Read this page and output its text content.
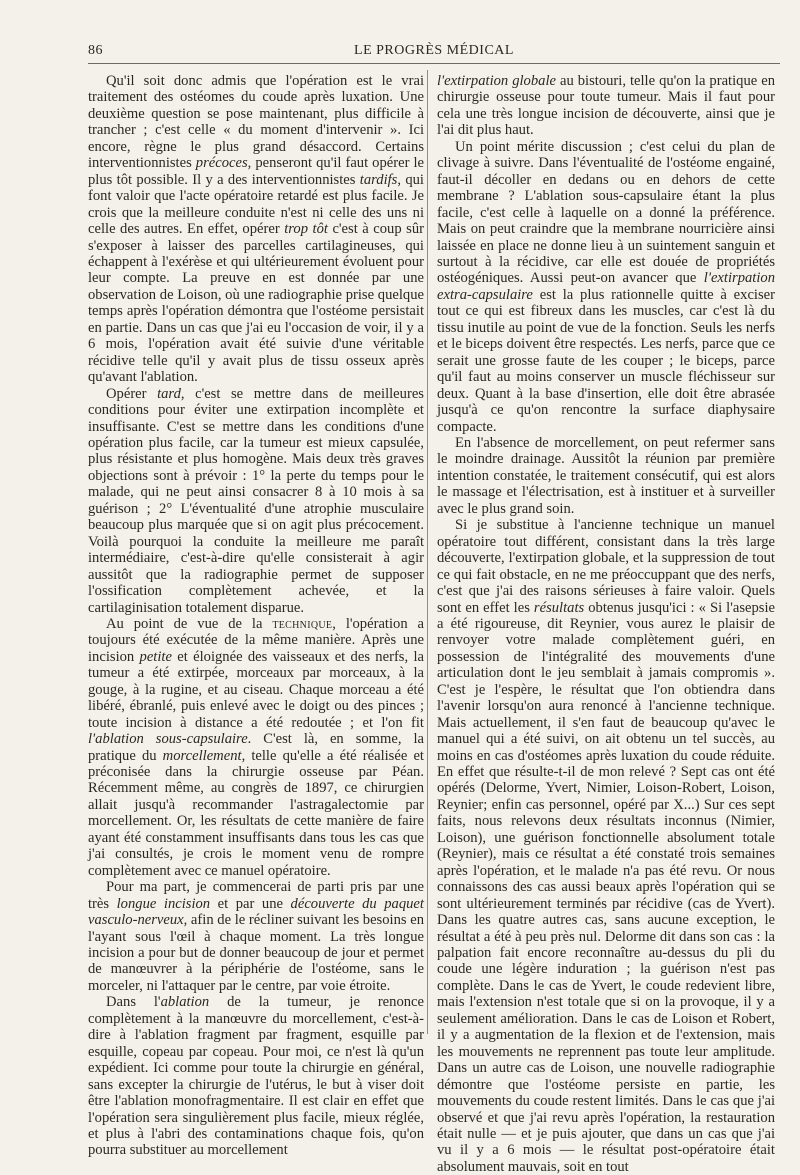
86	LE PROGRÈS MÉDICAL

Qu'il soit donc admis que l'opération est le vrai traitement des ostéomes du coude après luxation. Une deuxième question se pose maintenant, plus difficile à trancher ; c'est celle « du moment d'intervenir ». Ici encore, règne le plus grand désaccord. Certains interventionnistes précoces, penseront qu'il faut opérer le plus tôt possible. Il y a des interventionnistes tardifs, qui font valoir que l'acte opératoire retardé est plus facile. Je crois que la meilleure conduite n'est ni celle des uns ni celle des autres. En effet, opérer trop tôt c'est à coup sûr s'exposer à laisser des parcelles cartilagineuses, qui échappent à l'exérèse et qui ultérieurement évoluent pour leur compte. La preuve en est donnée par une observation de Loison, où une radiographie prise quelque temps après l'opération démontra que l'ostéome persistait en partie. Dans un cas que j'ai eu l'occasion de voir, il y a 6 mois, l'opération avait été suivie d'une véritable récidive telle qu'il y avait plus de tissu osseux après qu'avant l'ablation.

Opérer tard, c'est se mettre dans de meilleures conditions pour éviter une extirpation incomplète et insuffisante. C'est se mettre dans les conditions d'une opération plus facile, car la tumeur est mieux capsulée, plus résistante et plus homogène. Mais deux très graves objections sont à prévoir : 1° la perte du temps pour le malade, qui ne peut ainsi consacrer 8 à 10 mois à sa guérison ; 2° L'éventualité d'une atrophie musculaire beaucoup plus marquée que si on agit plus précocement. Voilà pourquoi la conduite la meilleure me paraît intermédiaire, c'est-à-dire qu'elle consisterait à agir aussitôt que la radiographie permet de supposer l'ossification complètement achevée, et la cartilaginisation totalement disparue.

Au point de vue de la technique, l'opération a toujours été exécutée de la même manière. Après une incision petite et éloignée des vaisseaux et des nerfs, la tumeur a été extirpée, morceaux par morceaux, à la gouge, à la rugine, et au ciseau. Chaque morceau a été libéré, ébranlé, puis enlevé avec le doigt ou des pinces ; toute incision à distance a été redoutée ; et l'on fit l'ablation sous-capsulaire. C'est là, en somme, la pratique du morcellement, telle qu'elle a été réalisée et préconisée dans la chirurgie osseuse par Péan. Récemment même, au congrès de 1897, ce chirurgien allait jusqu'à recommander l'astragalectomie par morcellement. Or, les résultats de cette manière de faire ayant été constamment insuffisants dans tous les cas que j'ai consultés, je crois le moment venu de rompre complètement avec ce manuel opératoire.

Pour ma part, je commencerai de parti pris par une très longue incision et par une découverte du paquet vasculo-nerveux, afin de le récliner suivant les besoins en l'ayant sous l'œil à chaque moment. La très longue incision a pour but de donner beaucoup de jour et permet de manœuvrer à la périphérie de l'ostéome, sans le morceler, ni l'attaquer par le centre, par voie étroite.

Dans l'ablation de la tumeur, je renonce complètement à la manœuvre du morcellement, c'est-à-dire à l'ablation fragment par fragment, esquille par esquille, copeau par copeau. Pour moi, ce n'est là qu'un expédient. Ici comme pour toute la chirurgie en général, sans excepter la chirurgie de l'utérus, le but à viser doit être l'ablation monofragmentaire. Il est clair en effet que l'opération sera singulièrement plus facile, mieux réglée, et plus à l'abri des contaminations chaque fois, qu'on pourra substituer au morcellement

l'extirpation globale au bistouri, telle qu'on la pratique en chirurgie osseuse pour toute tumeur. Mais il faut pour cela une très longue incision de découverte, ainsi que je l'ai dit plus haut.

Un point mérite discussion ; c'est celui du plan de clivage à suivre. Dans l'éventualité de l'ostéome engainé, faut-il décoller en dedans ou en dehors de cette membrane ? L'ablation sous-capsulaire étant la plus facile, c'est celle à laquelle on a donné la préférence. Mais on peut craindre que la membrane nourricière ainsi laissée en place ne donne lieu à un suintement sanguin et surtout à la récidive, car elle est douée de propriétés ostéogéniques. Aussi peut-on avancer que l'extirpation extra-capsulaire est la plus rationnelle quitte à exciser tout ce qui est fibreux dans les muscles, car c'est là du tissu inutile au point de vue de la fonction. Seuls les nerfs et le biceps doivent être respectés. Les nerfs, parce que ce serait une grosse faute de les couper ; le biceps, parce qu'il faut au moins conserver un muscle fléchisseur sur deux. Quant à la base d'insertion, elle doit être abrasée jusqu'à ce qu'on rencontre la surface diaphysaire compacte.

En l'absence de morcellement, on peut refermer sans le moindre drainage. Aussitôt la réunion par première intention constatée, le traitement consécutif, qui est alors le massage et l'électrisation, est à instituer et à surveiller avec le plus grand soin.

Si je substitue à l'ancienne technique un manuel opératoire tout différent, consistant dans la très large découverte, l'extirpation globale, et la suppression de tout ce qui fait obstacle, en ne me préoccuppant que des nerfs, c'est que j'ai des raisons sérieuses à faire valoir. Quels sont en effet les résultats obtenus jusqu'ici : « Si l'asepsie a été rigoureuse, dit Reynier, vous aurez le plaisir de renvoyer votre malade complètement guéri, en possession de l'intégralité des mouvements d'une articulation dont le jeu semblait à jamais compromis ». C'est je l'espère, le résultat que l'on obtiendra dans l'avenir lorsqu'on aura renoncé à l'ancienne technique. Mais actuellement, il s'en faut de beaucoup qu'avec le manuel qui a été suivi, on ait obtenu un tel succès, au moins en cas d'ostéomes après luxation du coude réduite. En effet que résulte-t-il de mon relevé ? Sept cas ont été opérés (Delorme, Yvert, Nimier, Loison-Robert, Loison, Reynier; enfin cas personnel, opéré par X...) Sur ces sept faits, nous relevons deux résultats inconnus (Nimier, Loison), une guérison fonctionnelle absolument totale (Reynier), mais ce résultat a été constaté trois semaines après l'opération, et le malade n'a pas été revu. Or nous connaissons des cas aussi beaux après l'opération qui se sont ultérieurement terminés par récidive (cas de Yvert). Dans les quatre autres cas, sans aucune exception, le résultat a été à peu près nul. Delorme dit dans son cas : la palpation fait encore reconnaître au-dessus du pli du coude une légère induration ; la guérison n'est pas complète. Dans le cas de Yvert, le coude redevient libre, mais l'extension n'est totale que si on la provoque, il y a seulement amélioration. Dans le cas de Loison et Robert, il y a augmentation de la flexion et de l'extension, mais les mouvements ne reprennent pas toute leur amplitude. Dans un autre cas de Loison, une nouvelle radiographie démontre que l'ostéome persiste en partie, les mouvements du coude restent limités. Dans le cas que j'ai observé et que j'ai revu après l'opération, la restauration était nulle — et je puis ajouter, que dans un cas que j'ai vu il y a 6 mois — le résultat post-opératoire était absolument mauvais, soit en tout
